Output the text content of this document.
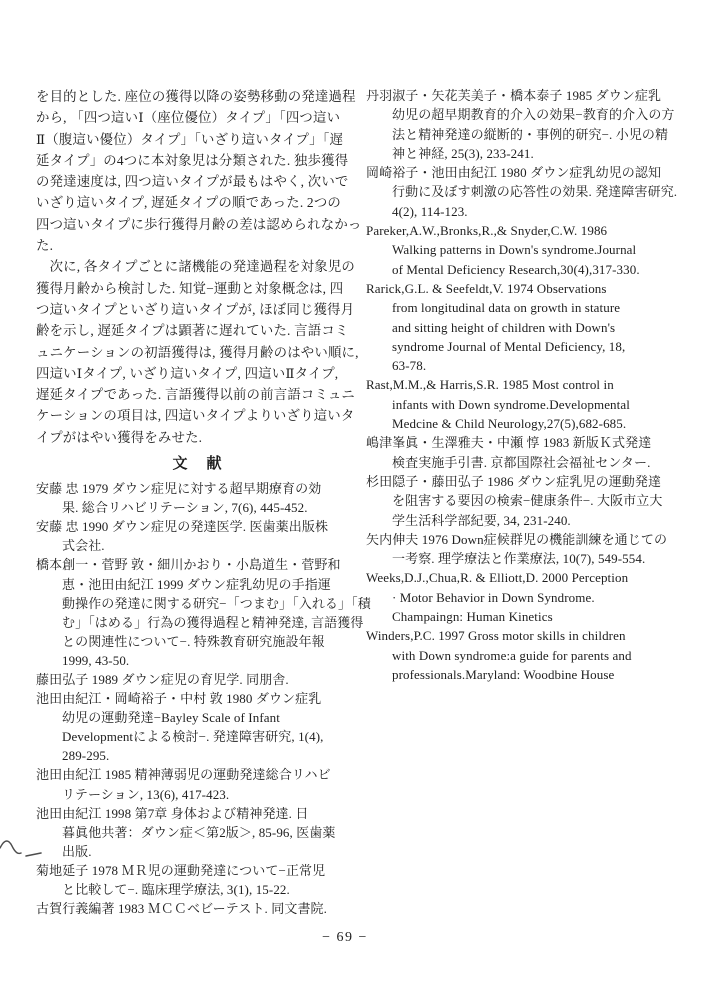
を目的とした. 座位の獲得以降の姿勢移動の発達過程
から, 「四つ這いⅠ（座位優位）タイプ」「四つ這い
Ⅱ（腹這い優位）タイプ」「いざり這いタイプ」「遅
延タイプ」の4つに本対象児は分類された. 独歩獲得
の発達速度は, 四つ這いタイプが最もはやく, 次いで
いざり這いタイプ, 遅延タイプの順であった. 2つの
四つ這いタイプに歩行獲得月齢の差は認められなかっ
た.
　次に, 各タイプごとに諸機能の発達過程を対象児の
獲得月齢から検討した. 知覚−運動と対象概念は, 四
つ這いタイプといざり這いタイプが, ほぼ同じ獲得月
齢を示し, 遅延タイプは顕著に遅れていた. 言語コミ
ュニケーションの初語獲得は, 獲得月齢のはやい順に,
四這いⅠタイプ, いざり這いタイプ, 四這いⅡタイプ,
遅延タイプであった. 言語獲得以前の前言語コミュニ
ケーションの項目は, 四這いタイプよりいざり這いタ
イプがはやい獲得をみせた.
文　献
安藤 忠 1979 ダウン症児に対する超早期療育の効
果. 総合リハビリテーション, 7(6), 445-452.
安藤 忠 1990 ダウン症児の発達医学. 医歯薬出版株
式会社.
橋本創一・菅野 敦・細川かおり・小島道生・菅野和
恵・池田由紀江 1999 ダウン症乳幼児の手指運
動操作の発達に関する研究−「つまむ」「入れる」「積
む」「はめる」行為の獲得過程と精神発達, 言語獲得
との関連性について−. 特殊教育研究施設年報
1999, 43-50.
藤田弘子 1989 ダウン症児の育児学. 同朋舎.
池田由紀江・岡崎裕子・中村 敦 1980 ダウン症乳
幼児の運動発達−Bayley Scale of Infant
Developmentによる検討−. 発達障害研究, 1(4),
289-295.
池田由紀江 1985 精神薄弱児の運動発達総合リハビ
リテーション, 13(6), 417-423.
池田由紀江 1998 第7章 身体および精神発達. 日
暮眞他共著：ダウン症＜第2版＞, 85-96, 医歯薬
出版.
菊地延子 1978 ＭＲ児の運動発達について−正常児
と比較して−. 臨床理学療法, 3(1), 15-22.
古賀行義編著 1983 ＭＣＣベビーテスト. 同文書院.
丹羽淑子・矢花芙美子・橋本泰子 1985 ダウン症乳
幼児の超早期教育的介入の効果−教育的介入の方
法と精神発達の縦断的・事例的研究−. 小児の精
神と神経, 25(3), 233-241.
岡崎裕子・池田由紀江 1980 ダウン症乳幼児の認知
行動に及ぼす刺激の応答性の効果. 発達障害研究.
4(2), 114-123.
Pareker,A.W.,Bronks,R.,& Snyder,C.W. 1986
Walking patterns in Down's syndrome.Journal
of Mental Deficiency Research,30(4),317-330.
Rarick,G.L. & Seefeldt,V. 1974 Observations
from longitudinal data on growth in stature
and sitting height of children with Down's
syndrome Journal of Mental Deficiency, 18,
63-78.
Rast,M.M.,& Harris,S.R. 1985 Most control in
infants with Down syndrome.Developmental
Medcine & Child Neurology,27(5),682-685.
嶋津峯眞・生澤雅夫・中瀬 惇 1983 新版Ｋ式発達
検査実施手引書. 京都国際社会福祉センター.
杉田隠子・藤田弘子 1986 ダウン症乳児の運動発達
を阻害する要因の検索−健康条件−. 大阪市立大
学生活科学部紀要, 34, 231-240.
矢内伸夫 1976 Down症候群児の機能訓練を通じての
一考察. 理学療法と作業療法, 10(7), 549-554.
Weeks,D.J.,Chua,R. & Elliott,D. 2000 Perception
· Motor Behavior in Down Syndrome.
Champaingn: Human Kinetics
Winders,P.C. 1997 Gross motor skills in children
with Down syndrome:a guide for parents and
professionals.Maryland: Woodbine House
− 69 −
